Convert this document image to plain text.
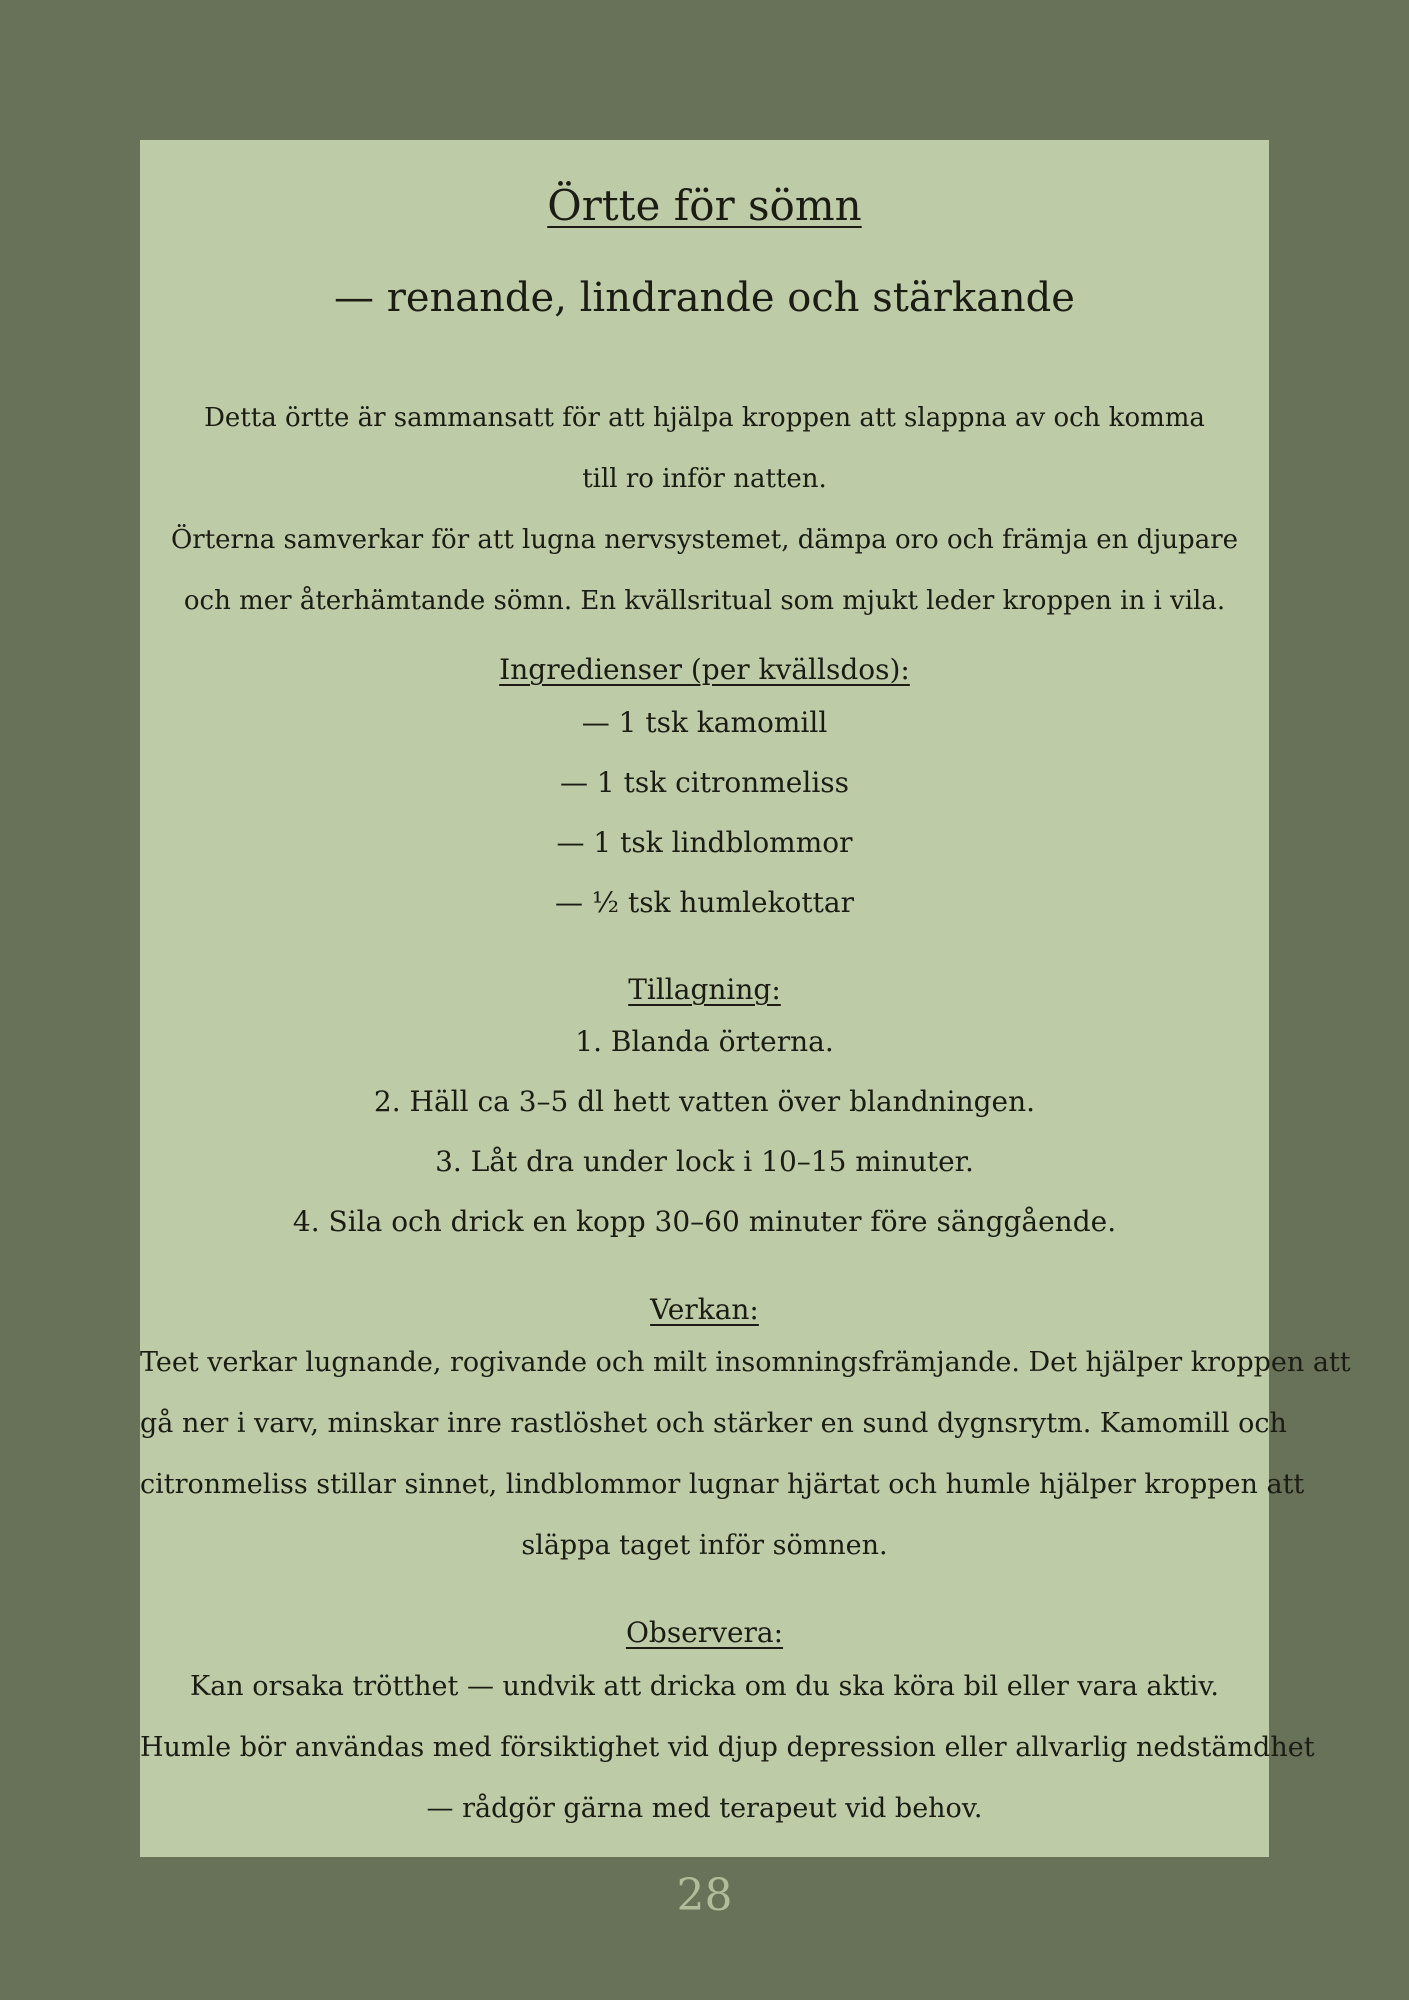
Örtte för sömn

— renande, lindrande och stärkande

Detta örtte är sammansatt för att hjälpa kroppen att slappna av och komma
till ro inför natten.
Örterna samverkar för att lugna nervsystemet, dämpa oro och främja en djupare
och mer återhämtande sömn. En kvällsritual som mjukt leder kroppen in i vila.

Ingredienser (per kvällsdos):

— 1 tsk kamomill
— 1 tsk citronmeliss
— 1 tsk lindblommor
— ½ tsk humlekottar

Tillagning:

1. Blanda örterna.
2. Häll ca 3–5 dl hett vatten över blandningen.
3. Låt dra under lock i 10–15 minuter.
4. Sila och drick en kopp 30–60 minuter före sänggående.

Verkan:

Teet verkar lugnande, rogivande och milt insomningsfrämjande. Det hjälper kroppen att
gå ner i varv, minskar inre rastlöshet och stärker en sund dygnsrytm. Kamomill och
citronmeliss stillar sinnet, lindblommor lugnar hjärtat och humle hjälper kroppen att
släppa taget inför sömnen.

Observera:

Kan orsaka trötthet — undvik att dricka om du ska köra bil eller vara aktiv.
Humle bör användas med försiktighet vid djup depression eller allvarlig nedstämdhet
— rådgör gärna med terapeut vid behov.

28
